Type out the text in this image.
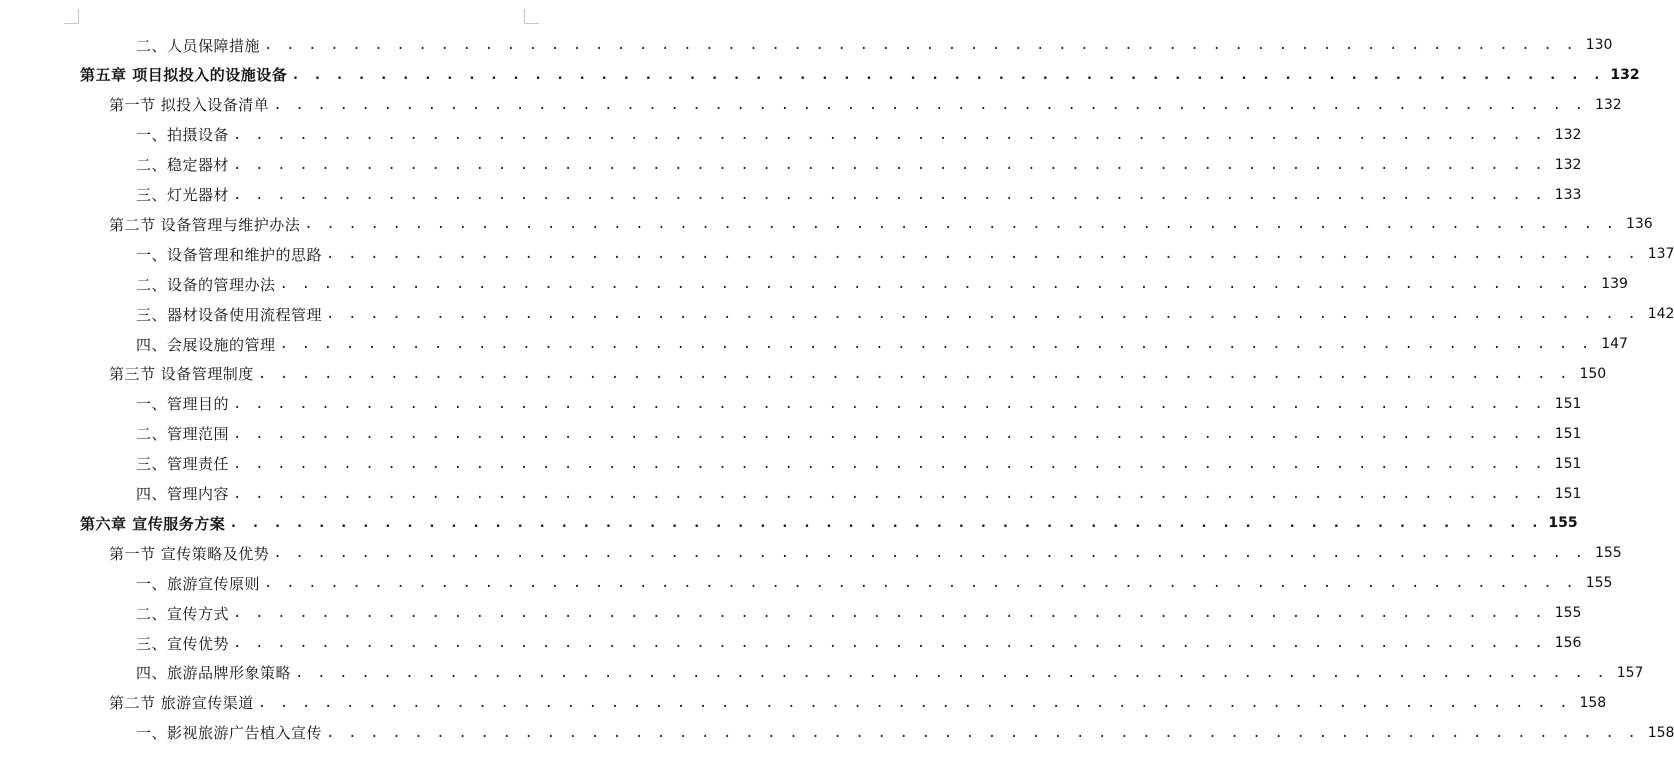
二、人员保障措施 . . . . . . . . . . . . . . . . . . . . . . . . . . . . . . . . . . . . . . . . . . . . . . . . . . . . . . . . . . . . 130
第五章 项目拟投入的设施设备 . . . . . . . . . . . . . . . . . . . . . . . . . . . . . . . . . . . . . . . . . . . . . . . . . . . . . . . . . . . . 132
第一节 拟投入设备清单 . . . . . . . . . . . . . . . . . . . . . . . . . . . . . . . . . . . . . . . . . . . . . . . . . . . . . . . . . . . . 132
一、拍摄设备 . . . . . . . . . . . . . . . . . . . . . . . . . . . . . . . . . . . . . . . . . . . . . . . . . . . . . . . . . . . . 132
二、稳定器材 . . . . . . . . . . . . . . . . . . . . . . . . . . . . . . . . . . . . . . . . . . . . . . . . . . . . . . . . . . . . 132
三、灯光器材 . . . . . . . . . . . . . . . . . . . . . . . . . . . . . . . . . . . . . . . . . . . . . . . . . . . . . . . . . . . . 133
第二节 设备管理与维护办法 . . . . . . . . . . . . . . . . . . . . . . . . . . . . . . . . . . . . . . . . . . . . . . . . . . . . . . . . . . . . 136
一、设备管理和维护的思路 . . . . . . . . . . . . . . . . . . . . . . . . . . . . . . . . . . . . . . . . . . . . . . . . . . . . . . . . . . . . 137
二、设备的管理办法 . . . . . . . . . . . . . . . . . . . . . . . . . . . . . . . . . . . . . . . . . . . . . . . . . . . . . . . . . . . . 139
三、器材设备使用流程管理 . . . . . . . . . . . . . . . . . . . . . . . . . . . . . . . . . . . . . . . . . . . . . . . . . . . . . . . . . . . . 142
四、会展设施的管理 . . . . . . . . . . . . . . . . . . . . . . . . . . . . . . . . . . . . . . . . . . . . . . . . . . . . . . . . . . . . 147
第三节 设备管理制度 . . . . . . . . . . . . . . . . . . . . . . . . . . . . . . . . . . . . . . . . . . . . . . . . . . . . . . . . . . . . 150
一、管理目的 . . . . . . . . . . . . . . . . . . . . . . . . . . . . . . . . . . . . . . . . . . . . . . . . . . . . . . . . . . . . 151
二、管理范围 . . . . . . . . . . . . . . . . . . . . . . . . . . . . . . . . . . . . . . . . . . . . . . . . . . . . . . . . . . . . 151
三、管理责任 . . . . . . . . . . . . . . . . . . . . . . . . . . . . . . . . . . . . . . . . . . . . . . . . . . . . . . . . . . . . 151
四、管理内容 . . . . . . . . . . . . . . . . . . . . . . . . . . . . . . . . . . . . . . . . . . . . . . . . . . . . . . . . . . . . 151
第六章 宣传服务方案 . . . . . . . . . . . . . . . . . . . . . . . . . . . . . . . . . . . . . . . . . . . . . . . . . . . . . . . . . . . . 155
第一节 宣传策略及优势 . . . . . . . . . . . . . . . . . . . . . . . . . . . . . . . . . . . . . . . . . . . . . . . . . . . . . . . . . . . . 155
一、旅游宣传原则 . . . . . . . . . . . . . . . . . . . . . . . . . . . . . . . . . . . . . . . . . . . . . . . . . . . . . . . . . . . . 155
二、宣传方式 . . . . . . . . . . . . . . . . . . . . . . . . . . . . . . . . . . . . . . . . . . . . . . . . . . . . . . . . . . . . 155
三、宣传优势 . . . . . . . . . . . . . . . . . . . . . . . . . . . . . . . . . . . . . . . . . . . . . . . . . . . . . . . . . . . . 156
四、旅游品牌形象策略 . . . . . . . . . . . . . . . . . . . . . . . . . . . . . . . . . . . . . . . . . . . . . . . . . . . . . . . . . . . . 157
第二节 旅游宣传渠道 . . . . . . . . . . . . . . . . . . . . . . . . . . . . . . . . . . . . . . . . . . . . . . . . . . . . . . . . . . . . 158
一、影视旅游广告植入宣传 . . . . . . . . . . . . . . . . . . . . . . . . . . . . . . . . . . . . . . . . . . . . . . . . . . . . . . . . . . . . 158
